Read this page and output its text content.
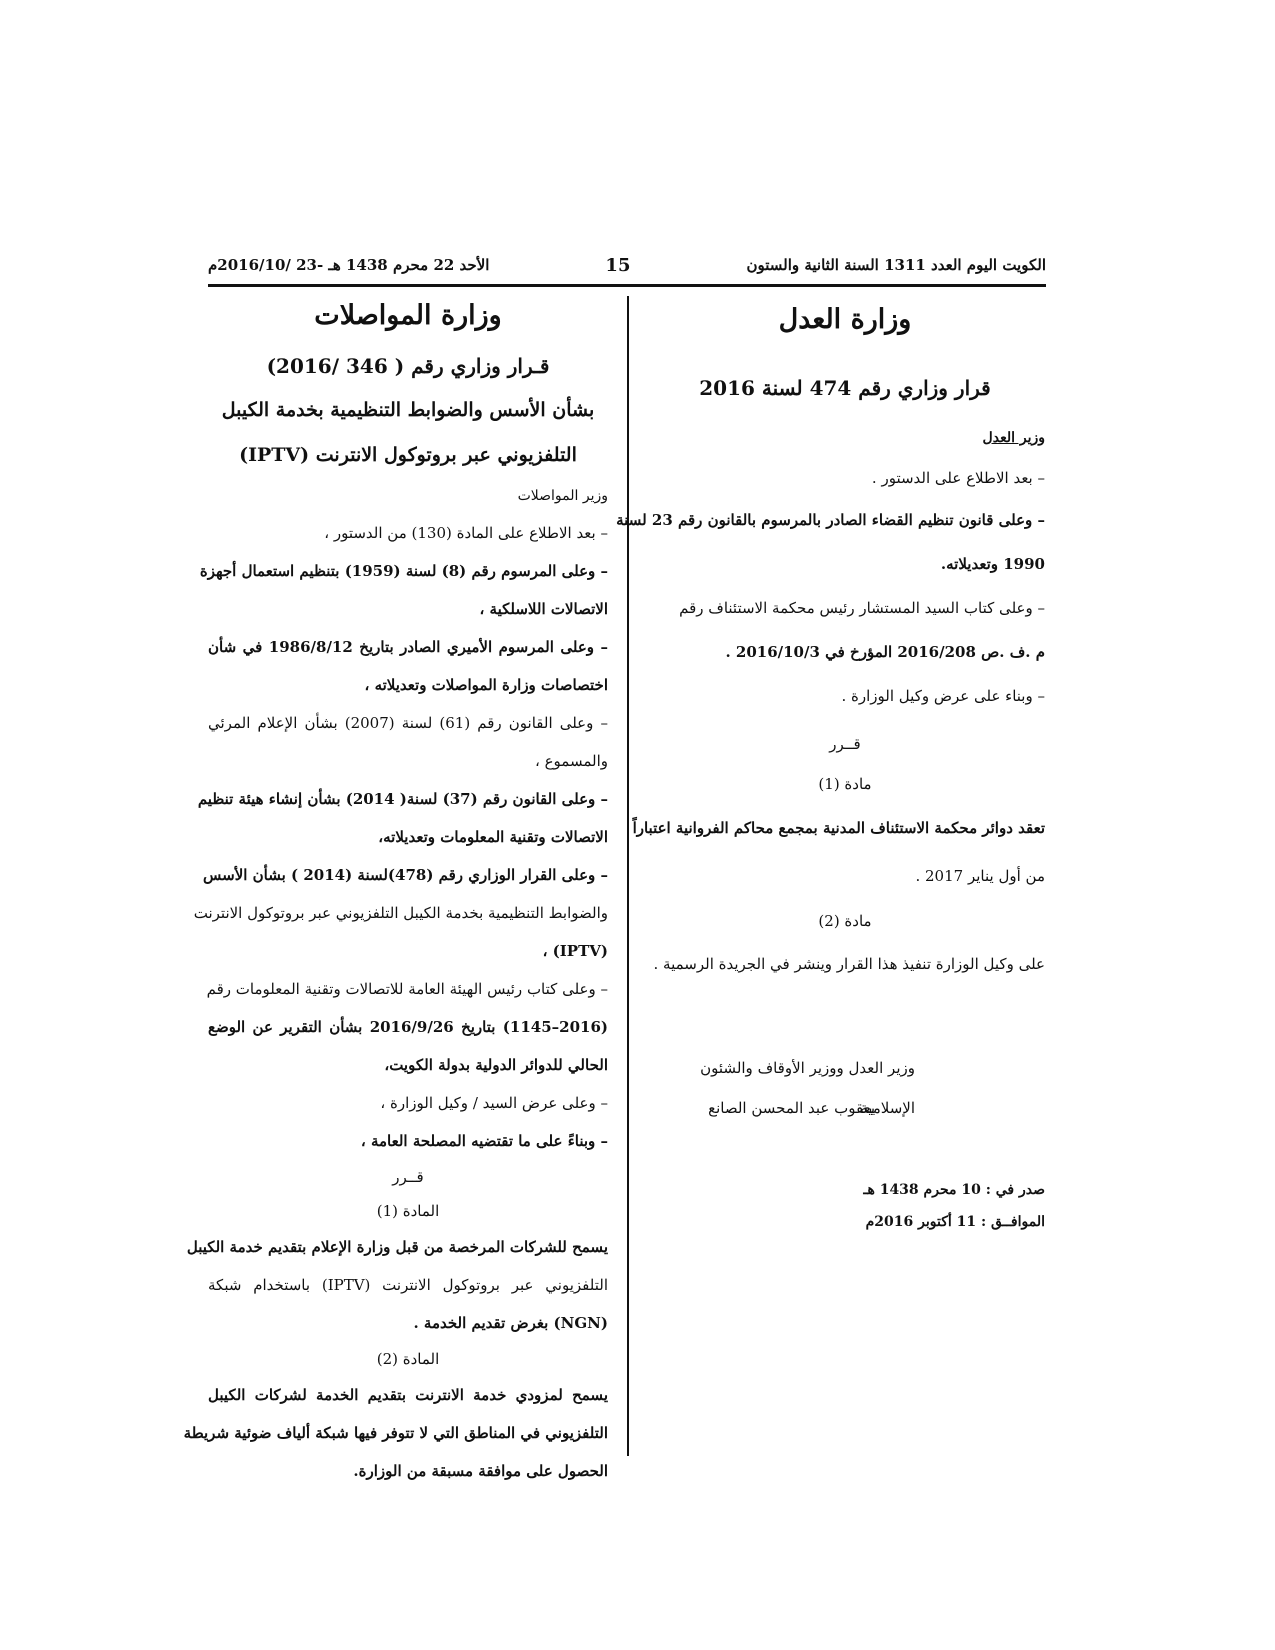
الكويت اليوم العدد 1311 السنة الثانية والستون
15
الأحد 22 محرم 1438 هـ -23 /2016/10م
وزارة العدل
قرار وزاري رقم 474 لسنة 2016
وزير العدل
– بعد الاطلاع على الدستور .
– وعلى قانون تنظيم القضاء الصادر بالمرسوم بالقانون رقم 23 لسنة
1990 وتعديلاته.
– وعلى كتاب السيد المستشار رئيس محكمة الاستئناف رقم
م .ف .ص 2016/208 المؤرخ في 2016/10/3 .
– وبناء على عرض وكيل الوزارة .
قــرر
مادة (1)
تعقد دوائر محكمة الاستئناف المدنية بمجمع محاكم الفروانية اعتباراً
من أول يناير 2017 .
مادة (2)
على وكيل الوزارة تنفيذ هذا القرار وينشر في الجريدة الرسمية .
وزير العدل ووزير الأوقاف والشئون الإسلامية
يعقوب عبد المحسن الصانع
صدر في : 10 محرم 1438 هـ
الموافــق : 11 أكتوبر 2016م
وزارة المواصلات
قـرار وزاري رقم ( 346 /2016)
بشأن الأسس والضوابط التنظيمية بخدمة الكيبل
التلفزيوني عبر بروتوكول الانترنت (IPTV)
وزير المواصلات
– بعد الاطلاع على المادة (130) من الدستور ،
– وعلى المرسوم رقم (8) لسنة (1959) بتنظيم استعمال أجهزة
الاتصالات اللاسلكية ،
– وعلى المرسوم الأميري الصادر بتاريخ 1986/8/12 في شأن
اختصاصات وزارة المواصلات وتعديلاته ،
– وعلى القانون رقم (61) لسنة (2007) بشأن الإعلام المرئي
والمسموع ،
– وعلى القانون رقم (37) لسنة( 2014) بشأن إنشاء هيئة تنظيم
الاتصالات وتقنية المعلومات وتعديلاته،
– وعلى القرار الوزاري رقم (478)لسنة (2014 ) بشأن الأسس
والضوابط التنظيمية بخدمة الكيبل التلفزيوني عبر بروتوكول الانترنت
(IPTV) ،
– وعلى كتاب رئيس الهيئة العامة للاتصالات وتقنية المعلومات رقم
(2016–1145) بتاريخ 2016/9/26 بشأن التقرير عن الوضع
الحالي للدوائر الدولية بدولة الكويت،
– وعلى عرض السيد / وكيل الوزارة ،
– وبناءً على ما تقتضيه المصلحة العامة ،
قــرر
المادة (1)
يسمح للشركات المرخصة من قبل وزارة الإعلام بتقديم خدمة الكيبل
التلفزيوني عبر بروتوكول الانترنت (IPTV) باستخدام شبكة
(NGN) بغرض تقديم الخدمة .
المادة (2)
يسمح لمزودي خدمة الانترنت بتقديم الخدمة لشركات الكيبل
التلفزيوني في المناطق التي لا تتوفر فيها شبكة ألياف ضوئية شريطة
الحصول على موافقة مسبقة من الوزارة.
